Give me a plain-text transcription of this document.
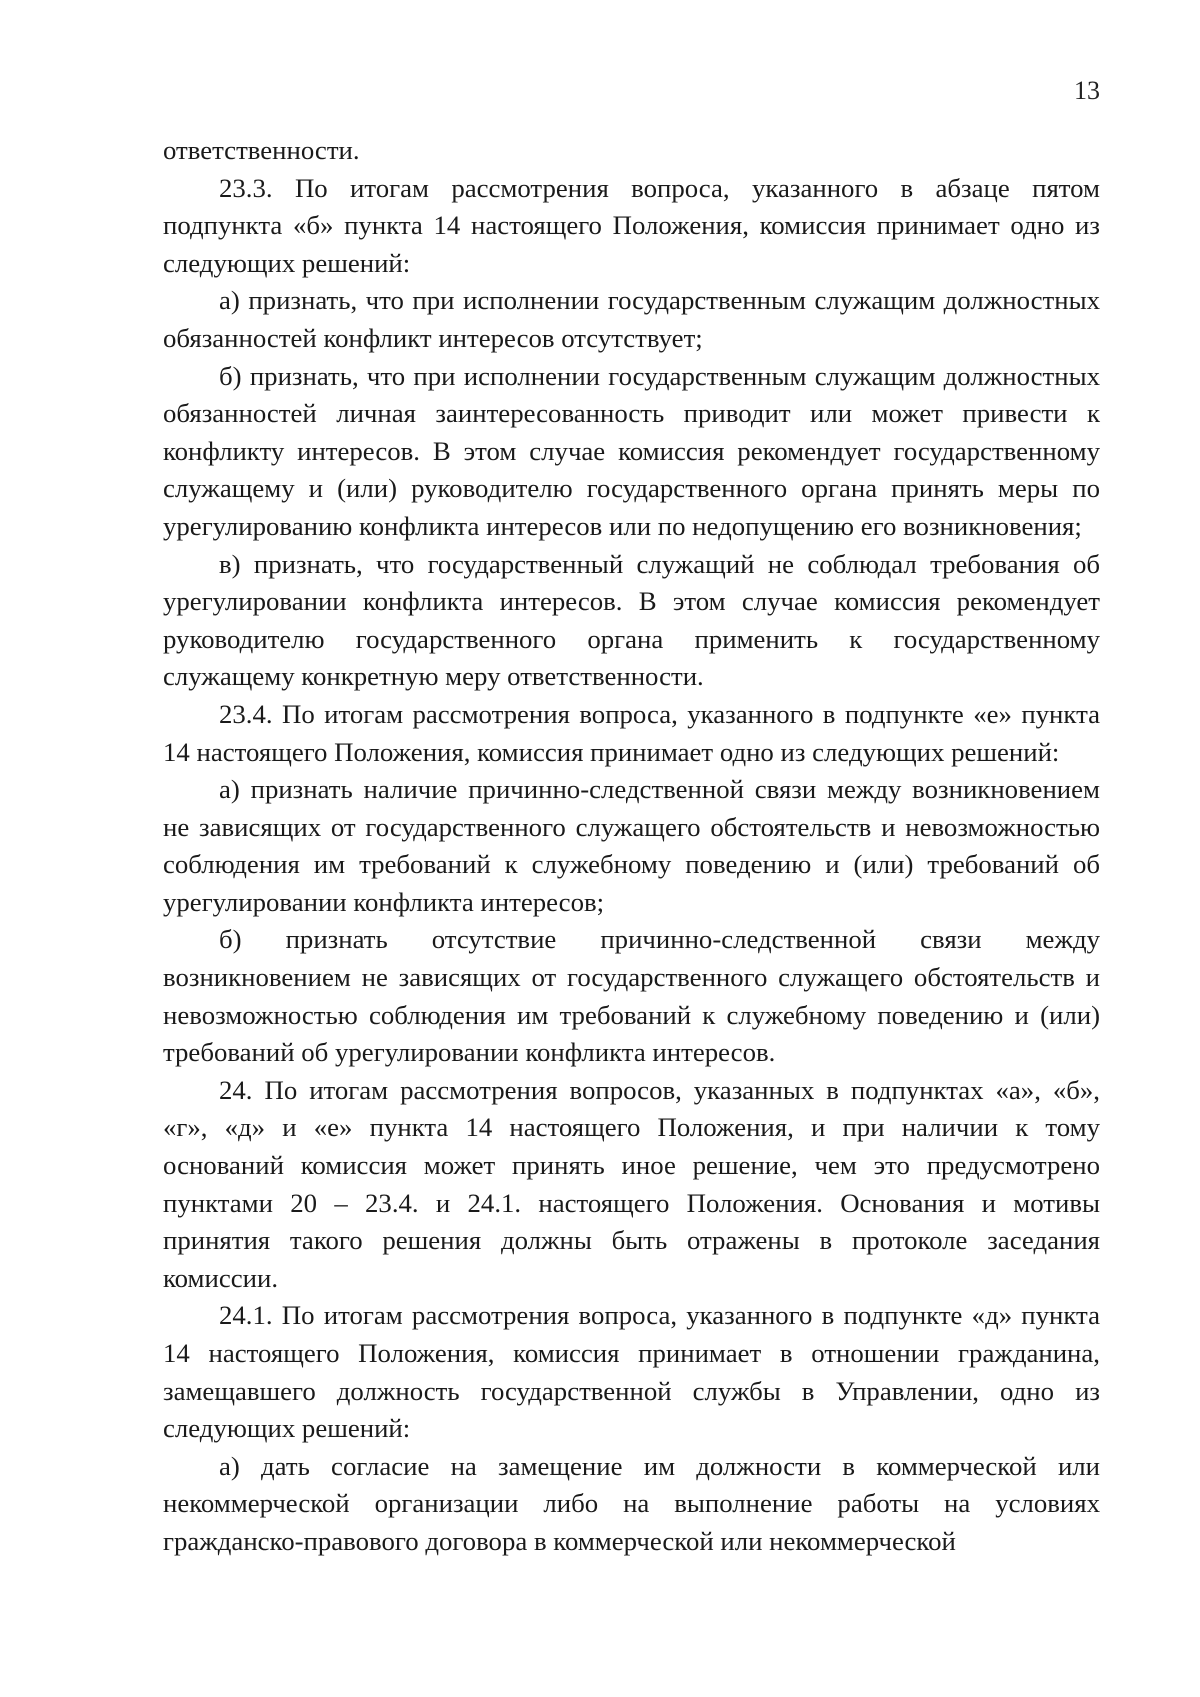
13

ответственности.

23.3. По итогам рассмотрения вопроса, указанного в абзаце пятом подпункта «б» пункта 14 настоящего Положения, комиссия принимает одно из следующих решений:

а) признать, что при исполнении государственным служащим должностных обязанностей конфликт интересов отсутствует;

б) признать, что при исполнении государственным служащим должностных обязанностей личная заинтересованность приводит или может привести к конфликту интересов. В этом случае комиссия рекомендует государственному служащему и (или) руководителю государственного органа принять меры по урегулированию конфликта интересов или по недопущению его возникновения;

в) признать, что государственный служащий не соблюдал требования об урегулировании конфликта интересов. В этом случае комиссия рекомендует руководителю государственного органа применить к государственному служащему конкретную меру ответственности.

23.4. По итогам рассмотрения вопроса, указанного в подпункте «е» пункта 14 настоящего Положения, комиссия принимает одно из следующих решений:

а) признать наличие причинно-следственной связи между возникновением не зависящих от государственного служащего обстоятельств и невозможностью соблюдения им требований к служебному поведению и (или) требований об урегулировании конфликта интересов;

б) признать отсутствие причинно-следственной связи между возникновением не зависящих от государственного служащего обстоятельств и невозможностью соблюдения им требований к служебному поведению и (или) требований об урегулировании конфликта интересов.

24. По итогам рассмотрения вопросов, указанных в подпунктах «а», «б», «г», «д» и «е» пункта 14 настоящего Положения, и при наличии к тому оснований комиссия может принять иное решение, чем это предусмотрено пунктами 20 – 23.4. и 24.1. настоящего Положения. Основания и мотивы принятия такого решения должны быть отражены в протоколе заседания комиссии.

24.1. По итогам рассмотрения вопроса, указанного в подпункте «д» пункта 14 настоящего Положения, комиссия принимает в отношении гражданина, замещавшего должность государственной службы в Управлении, одно из следующих решений:

а) дать согласие на замещение им должности в коммерческой или некоммерческой организации либо на выполнение работы на условиях гражданско-правового договора в коммерческой или некоммерческой
